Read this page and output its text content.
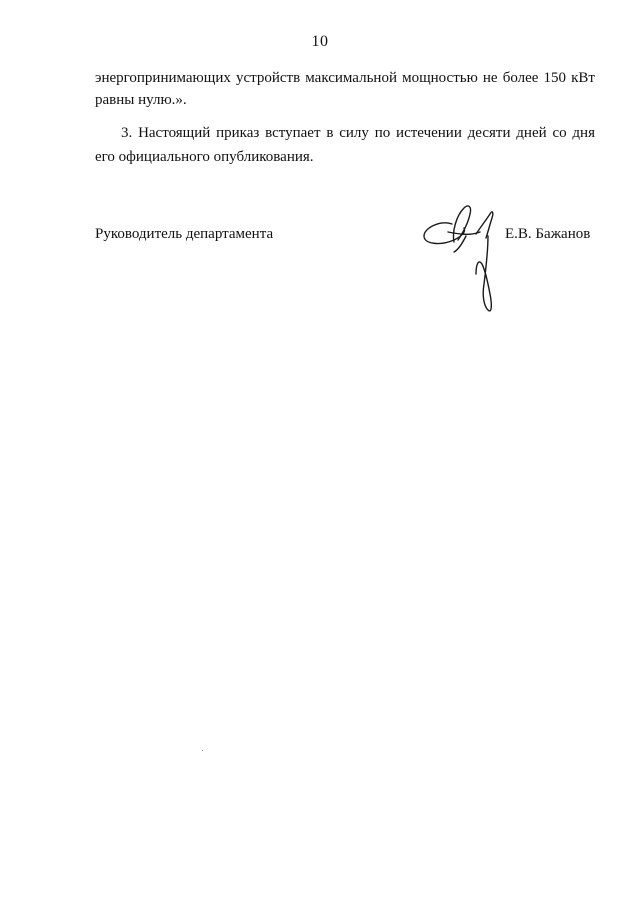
10
энергопринимающих устройств максимальной мощностью не более 150 кВт
равны нулю.».
3. Настоящий приказ вступает в силу по истечении десяти дней со дня
его официального опубликования.
Руководитель департамента	Е.В. Бажанов
